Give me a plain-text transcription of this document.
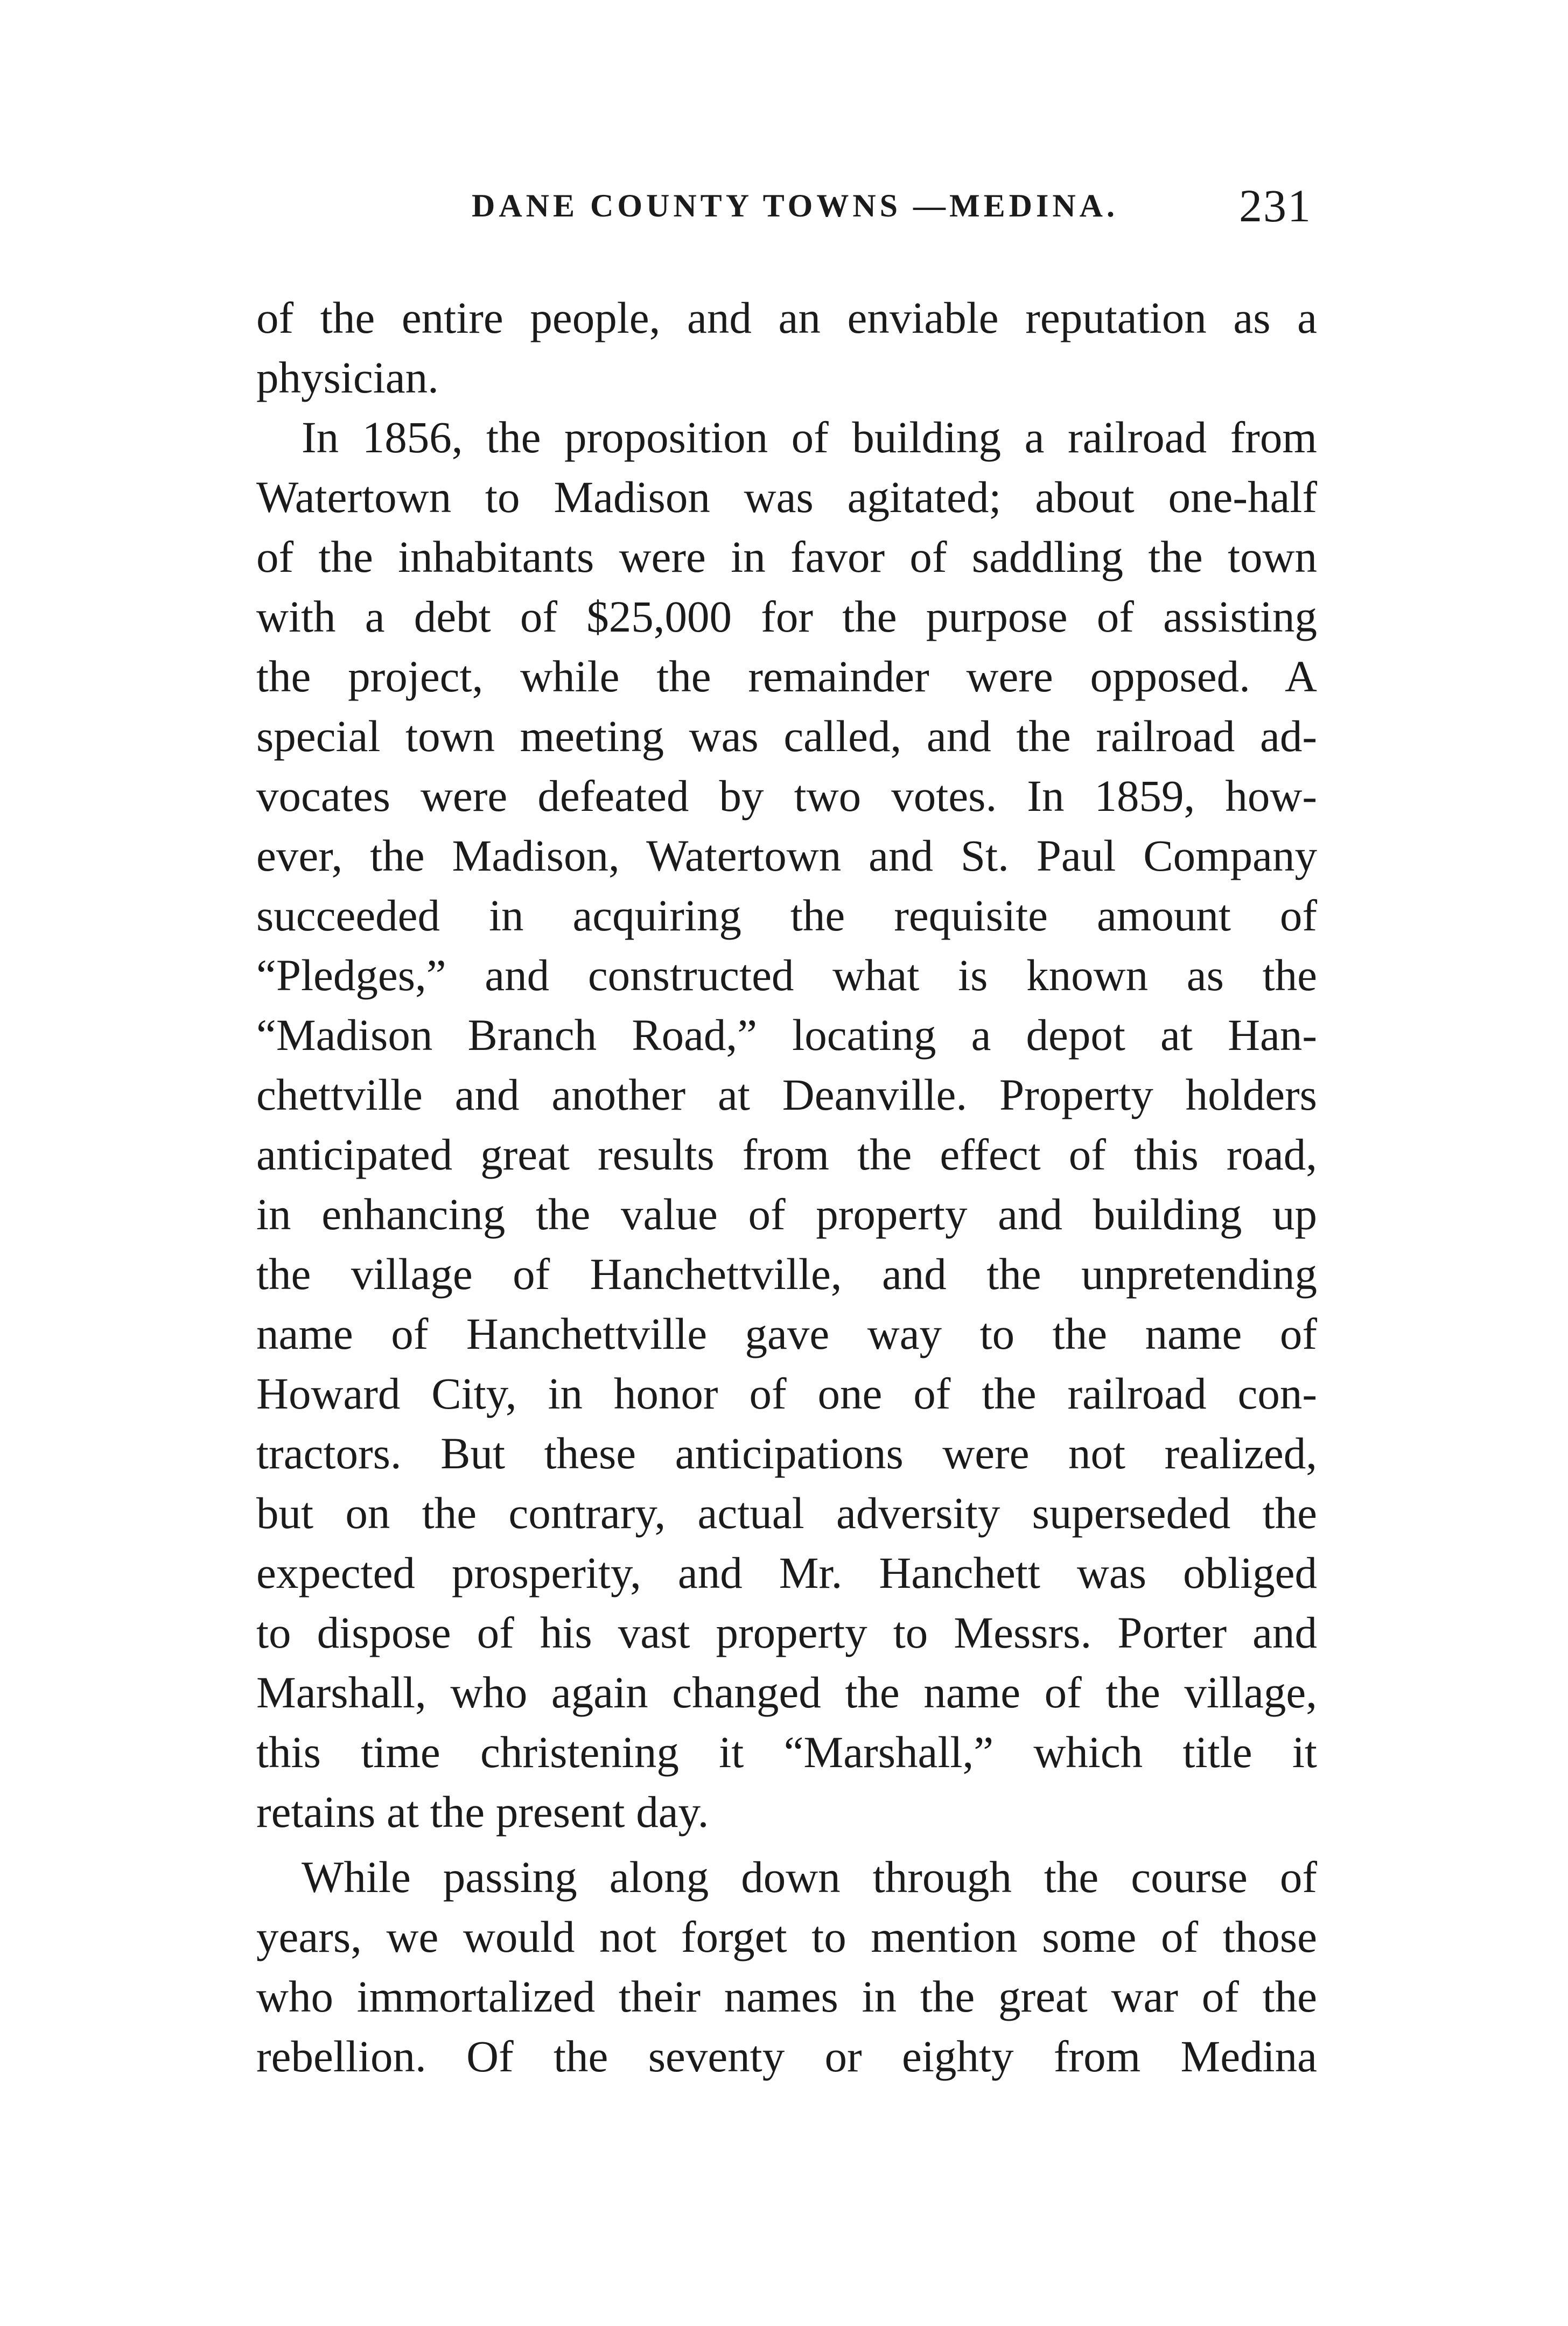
DANE COUNTY TOWNS —MEDINA.	231
of the entire people, and an enviable reputation as a
physician.
In 1856, the proposition of building a railroad from
Watertown to Madison was agitated; about one-half
of the inhabitants were in favor of saddling the town
with a debt of $25,000 for the purpose of assisting
the project, while the remainder were opposed. A
special town meeting was called, and the railroad ad-
vocates were defeated by two votes. In 1859, how-
ever, the Madison, Watertown and St. Paul Company
succeeded in acquiring the requisite amount of
“Pledges,” and constructed what is known as the
“Madison Branch Road,” locating a depot at Han-
chettville and another at Deanville. Property holders
anticipated great results from the effect of this road,
in enhancing the value of property and building up
the village of Hanchettville, and the unpretending
name of Hanchettville gave way to the name of
Howard City, in honor of one of the railroad con-
tractors. But these anticipations were not realized,
but on the contrary, actual adversity superseded the
expected prosperity, and Mr. Hanchett was obliged
to dispose of his vast property to Messrs. Porter and
Marshall, who again changed the name of the village,
this time christening it “Marshall,” which title it
retains at the present day.
While passing along down through the course of
years, we would not forget to mention some of those
who immortalized their names in the great war of the
rebellion. Of the seventy or eighty from Medina
